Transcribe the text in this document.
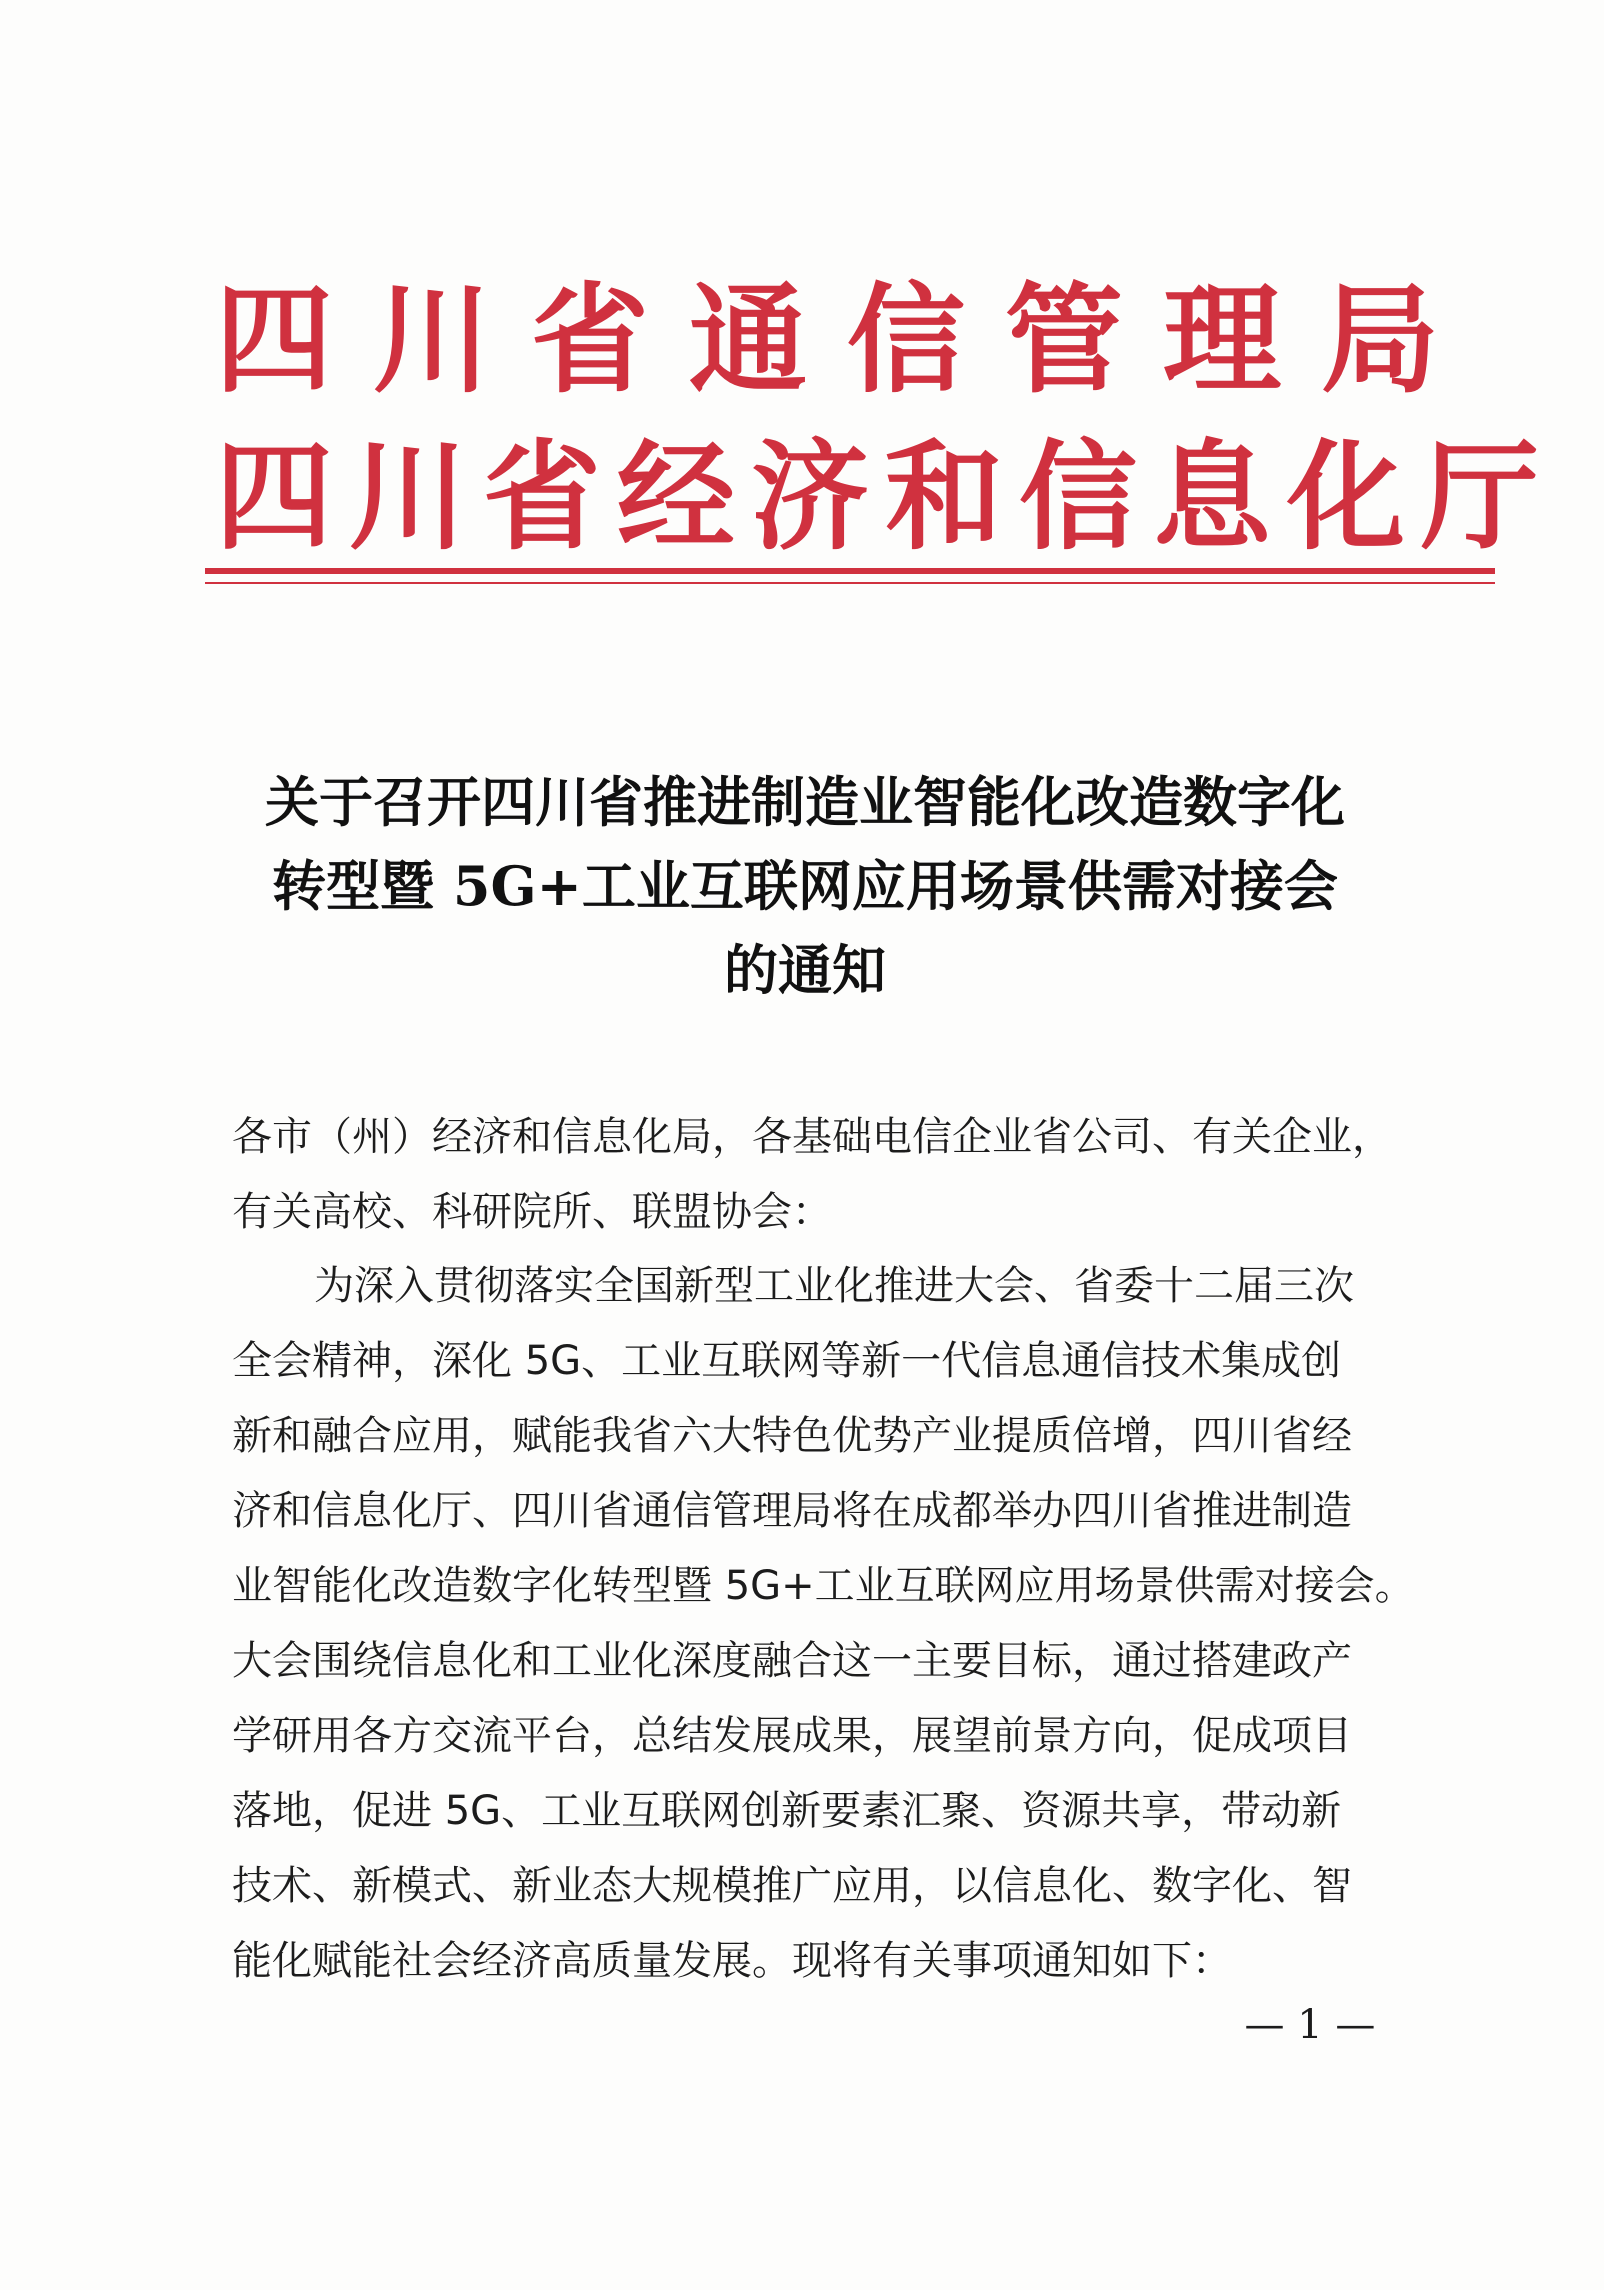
四川省通信管理局
四川省经济和信息化厅
关于召开四川省推进制造业智能化改造数字化
转型暨 5G+工业互联网应用场景供需对接会
的通知
各市（州）经济和信息化局，各基础电信企业省公司、有关企业，
有关高校、科研院所、联盟协会：
为深入贯彻落实全国新型工业化推进大会、省委十二届三次
全会精神，深化 5G、工业互联网等新一代信息通信技术集成创
新和融合应用，赋能我省六大特色优势产业提质倍增，四川省经
济和信息化厅、四川省通信管理局将在成都举办四川省推进制造
业智能化改造数字化转型暨 5G+工业互联网应用场景供需对接会。
大会围绕信息化和工业化深度融合这一主要目标，通过搭建政产
学研用各方交流平台，总结发展成果，展望前景方向，促成项目
落地，促进 5G、工业互联网创新要素汇聚、资源共享，带动新
技术、新模式、新业态大规模推广应用，以信息化、数字化、智
能化赋能社会经济高质量发展。现将有关事项通知如下：
— 1 —
